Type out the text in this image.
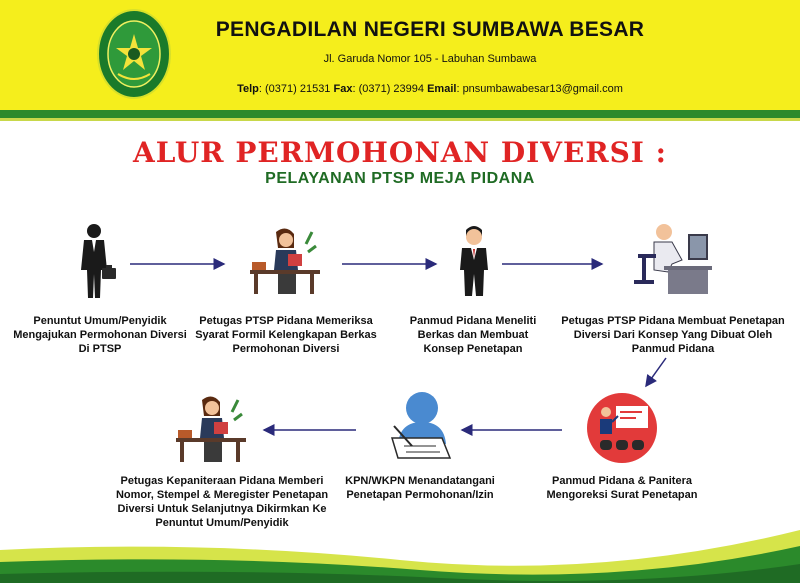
PENGADILAN NEGERI SUMBAWA BESAR
Jl. Garuda Nomor 105 - Labuhan Sumbawa
Telp: (0371) 21531 Fax: (0371) 23994 Email: pnsumbawabesar13@gmail.com
ALUR PERMOHONAN DIVERSI :
PELAYANAN PTSP MEJA PIDANA
Penuntut Umum/Penyidik Mengajukan Permohonan Diversi Di PTSP
Petugas PTSP Pidana Memeriksa Syarat Formil Kelengkapan Berkas Permohonan Diversi
Panmud Pidana Meneliti Berkas dan Membuat Konsep Penetapan
Petugas PTSP Pidana Membuat Penetapan Diversi Dari Konsep Yang Dibuat Oleh Panmud Pidana
Panmud Pidana & Panitera Mengoreksi Surat Penetapan
KPN/WKPN Menandatangani Penetapan Permohonan/Izin
Petugas Kepaniteraan Pidana Memberi Nomor, Stempel & Meregister Penetapan Diversi Untuk Selanjutnya Dikirmkan Ke Penuntut Umum/Penyidik
